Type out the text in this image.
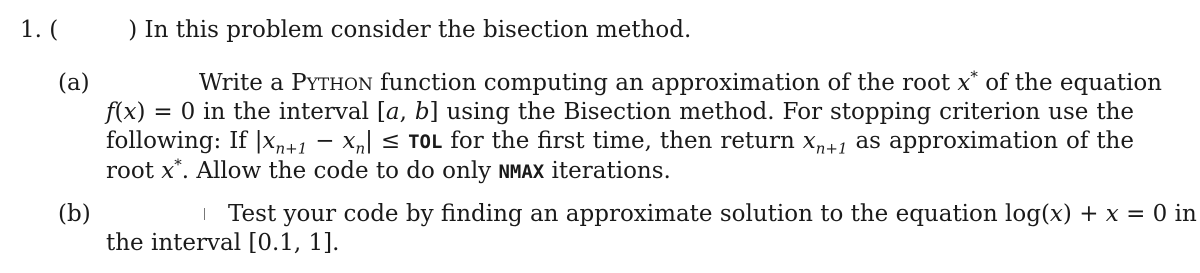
1. (	) In this problem consider the bisection method.
(a)	Write a PYTHON function computing an approximation of the root x* of the equation
f(x) = 0 in the interval [a, b] using the Bisection method. For stopping criterion use the
following: If $|x_{n+1} - x_n|$ ≤ TOL for the first time, then return $x_{n+1}$ as approximation of the
root x*. Allow the code to do only NMAX iterations.
(b)	Test your code by finding an approximate solution to the equation log(x) + x = 0 in
the interval [0.1, 1].
